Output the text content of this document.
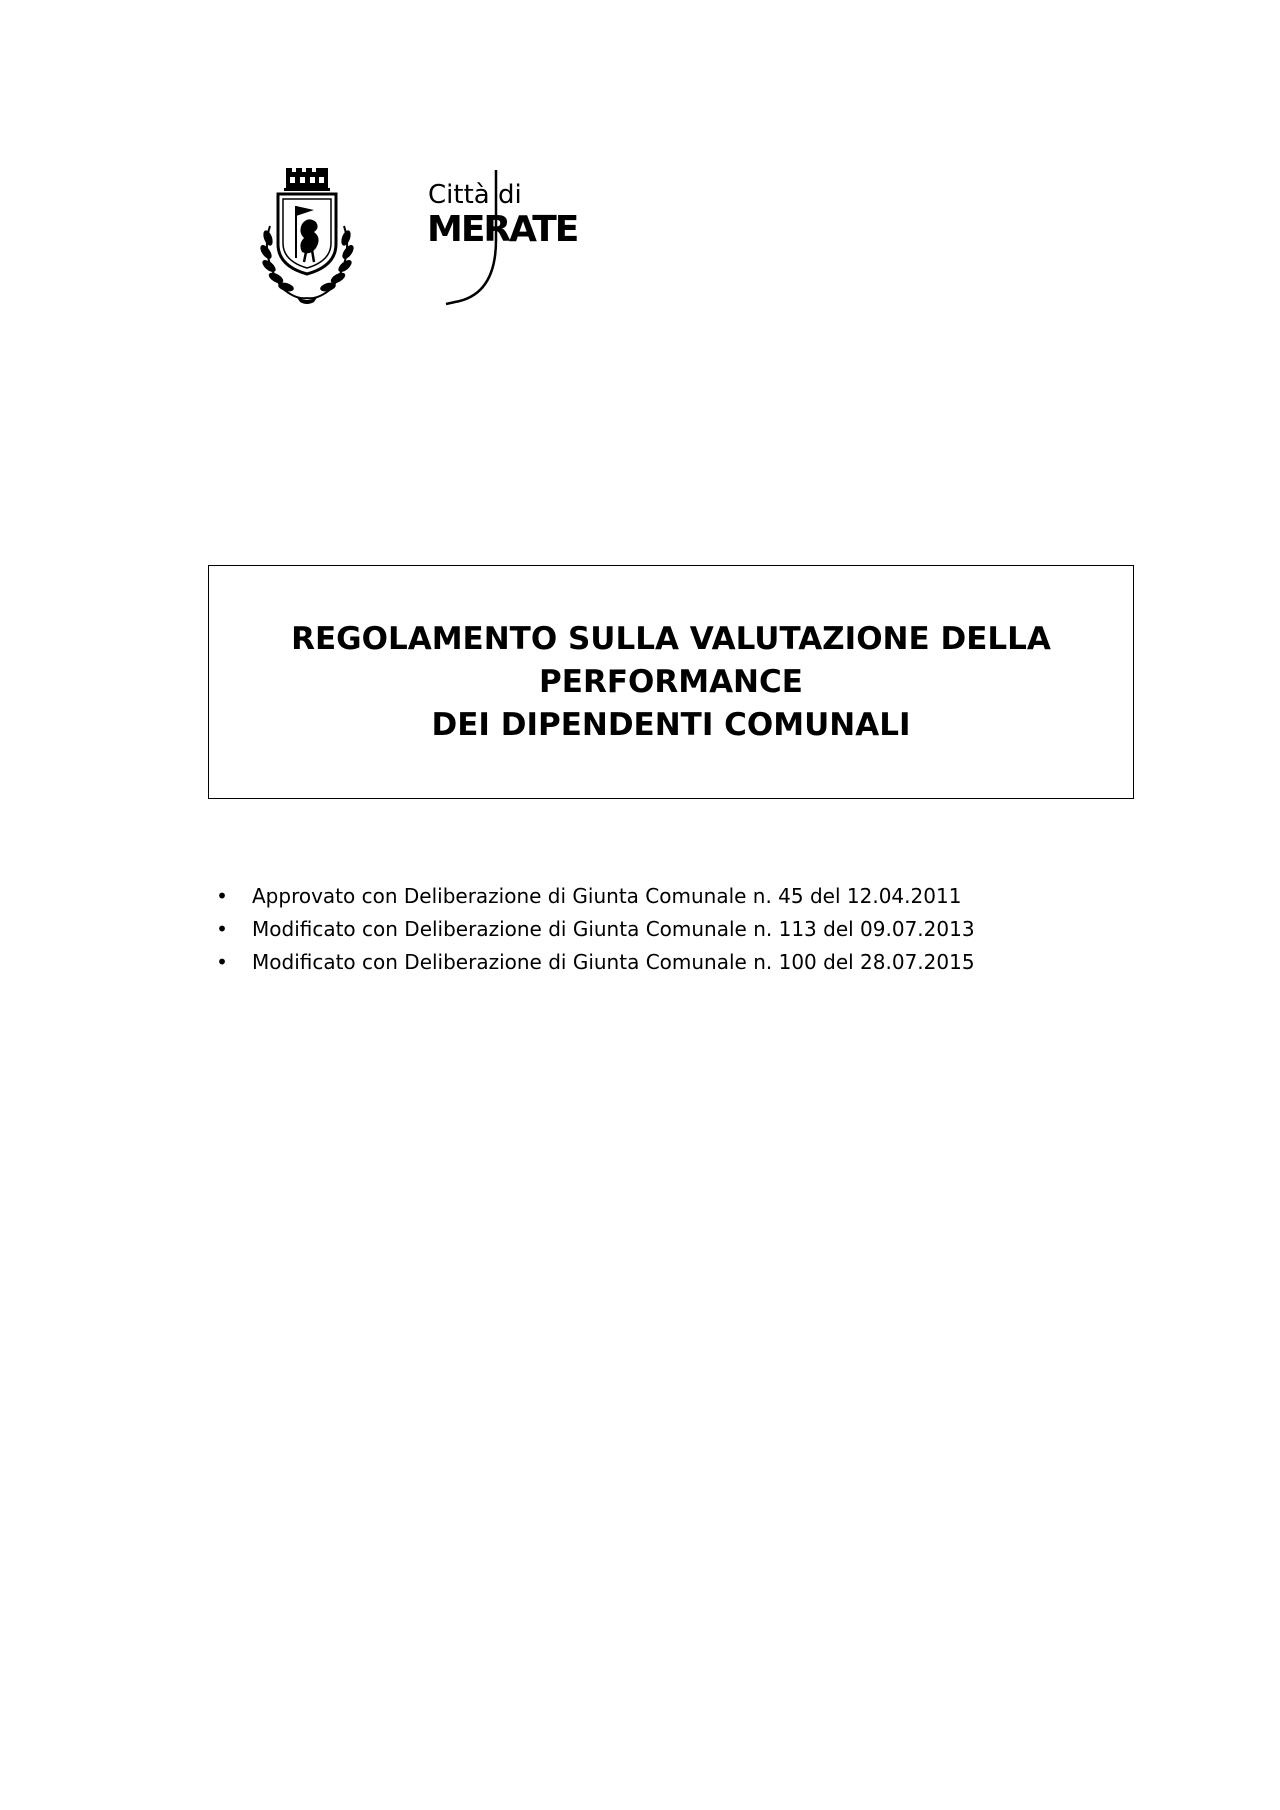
Città di
MERATE
REGOLAMENTO SULLA VALUTAZIONE DELLA
PERFORMANCE
DEI DIPENDENTI COMUNALI
• Approvato con Deliberazione di Giunta Comunale n. 45 del 12.04.2011
• Modificato con Deliberazione di Giunta Comunale n. 113 del 09.07.2013
• Modificato con Deliberazione di Giunta Comunale n. 100 del 28.07.2015
